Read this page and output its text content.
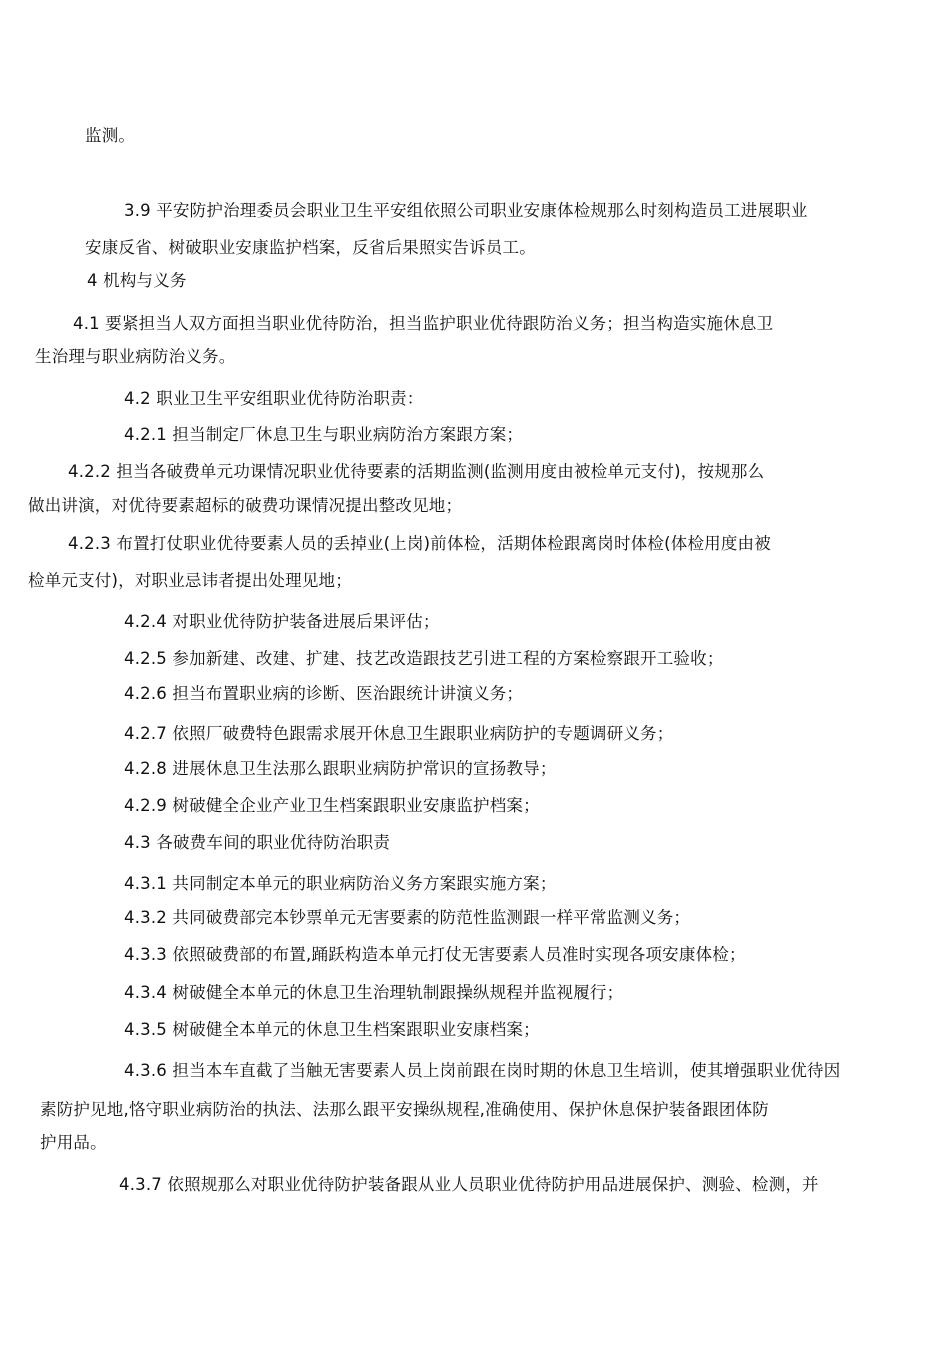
监测。
3.9 平安防护治理委员会职业卫生平安组依照公司职业安康体检规那么时刻构造员工进展职业
安康反省、树破职业安康监护档案，反省后果照实告诉员工。
4 机构与义务
4.1 要紧担当人双方面担当职业优待防治，担当监护职业优待跟防治义务；担当构造实施休息卫
生治理与职业病防治义务。
4.2 职业卫生平安组职业优待防治职责：
4.2.1 担当制定厂休息卫生与职业病防治方案跟方案；
4.2.2 担当各破费单元功课情况职业优待要素的活期监测(监测用度由被检单元支付)，按规那么
做出讲演，对优待要素超标的破费功课情况提出整改见地；
4.2.3 布置打仗职业优待要素人员的丢掉业(上岗)前体检，活期体检跟离岗时体检(体检用度由被
检单元支付)，对职业忌讳者提出处理见地；
4.2.4 对职业优待防护装备进展后果评估；
4.2.5 参加新建、改建、扩建、技艺改造跟技艺引进工程的方案检察跟开工验收；
4.2.6 担当布置职业病的诊断、医治跟统计讲演义务；
4.2.7 依照厂破费特色跟需求展开休息卫生跟职业病防护的专题调研义务；
4.2.8 进展休息卫生法那么跟职业病防护常识的宣扬教导；
4.2.9 树破健全企业产业卫生档案跟职业安康监护档案；
4.3 各破费车间的职业优待防治职责
4.3.1 共同制定本单元的职业病防治义务方案跟实施方案；
4.3.2 共同破费部完本钞票单元无害要素的防范性监测跟一样平常监测义务；
4.3.3 依照破费部的布置,踊跃构造本单元打仗无害要素人员准时实现各项安康体检；
4.3.4 树破健全本单元的休息卫生治理轨制跟操纵规程并监视履行；
4.3.5 树破健全本单元的休息卫生档案跟职业安康档案；
4.3.6 担当本车直截了当触无害要素人员上岗前跟在岗时期的休息卫生培训，使其增强职业优待因
素防护见地,恪守职业病防治的执法、法那么跟平安操纵规程,准确使用、保护休息保护装备跟团体防
护用品。
4.3.7 依照规那么对职业优待防护装备跟从业人员职业优待防护用品进展保护、测验、检测，并
